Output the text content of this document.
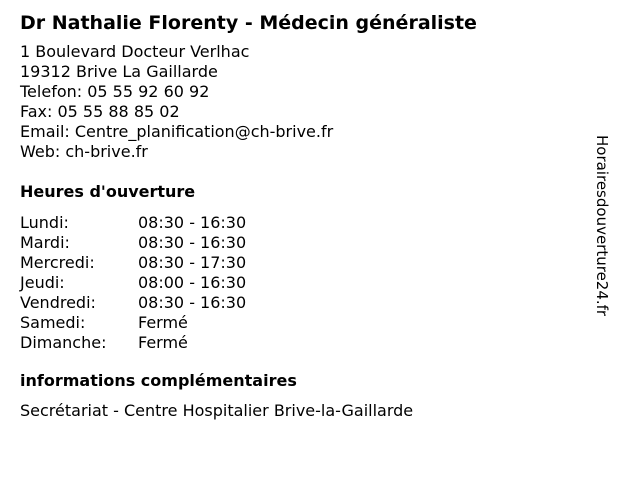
Dr Nathalie Florenty - Médecin généraliste
1 Boulevard Docteur Verlhac
19312 Brive La Gaillarde
Telefon: 05 55 92 60 92
Fax: 05 55 88 85 02
Email: Centre_planification@ch-brive.fr
Web: ch-brive.fr
Heures d'ouverture
Lundi:	08:30 - 16:30
Mardi:	08:30 - 16:30
Mercredi:	08:30 - 17:30
Jeudi:	08:00 - 16:30
Vendredi:	08:30 - 16:30
Samedi:	Fermé
Dimanche: Fermé
informations complémentaires
Secrétariat - Centre Hospitalier Brive-la-Gaillarde
Horairesdouverture24.fr
